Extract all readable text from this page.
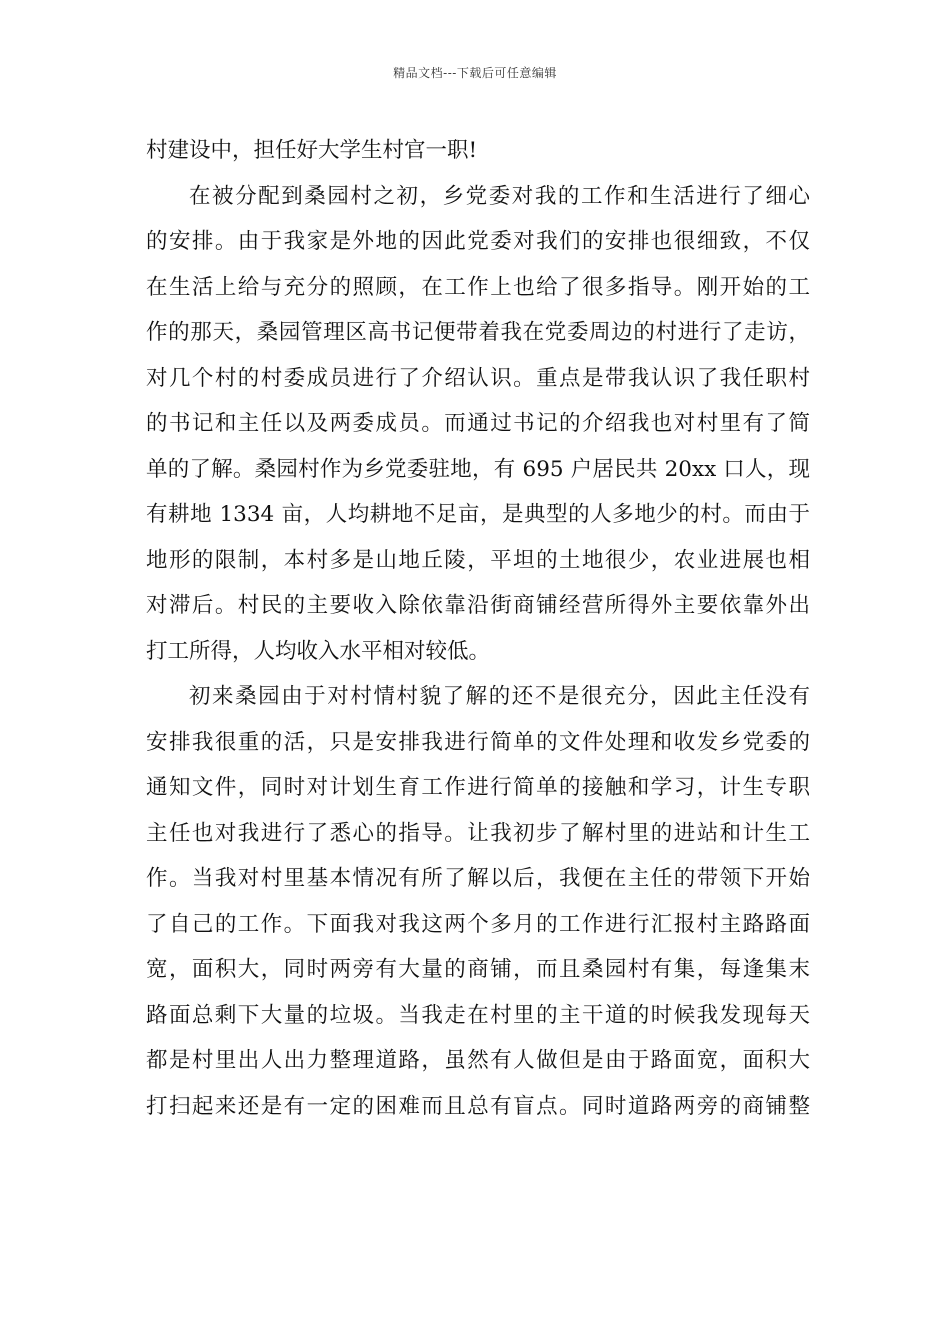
精品文档---下载后可任意编辑
村建设中，担任好大学生村官一职!
在被分配到桑园村之初，乡党委对我的工作和生活进行了细心
的安排。由于我家是外地的因此党委对我们的安排也很细致，不仅
在生活上给与充分的照顾，在工作上也给了很多指导。刚开始的工
作的那天，桑园管理区高书记便带着我在党委周边的村进行了走访，
对几个村的村委成员进行了介绍认识。重点是带我认识了我任职村
的书记和主任以及两委成员。而通过书记的介绍我也对村里有了简
单的了解。桑园村作为乡党委驻地，有 695 户居民共 20xx 口人，现
有耕地 1334 亩，人均耕地不足亩，是典型的人多地少的村。而由于
地形的限制，本村多是山地丘陵，平坦的土地很少，农业进展也相
对滞后。村民的主要收入除依靠沿街商铺经营所得外主要依靠外出
打工所得，人均收入水平相对较低。
初来桑园由于对村情村貌了解的还不是很充分，因此主任没有
安排我很重的活，只是安排我进行简单的文件处理和收发乡党委的
通知文件，同时对计划生育工作进行简单的接触和学习，计生专职
主任也对我进行了悉心的指导。让我初步了解村里的进站和计生工
作。当我对村里基本情况有所了解以后，我便在主任的带领下开始
了自己的工作。下面我对我这两个多月的工作进行汇报村主路路面
宽，面积大，同时两旁有大量的商铺，而且桑园村有集，每逢集末
路面总剩下大量的垃圾。当我走在村里的主干道的时候我发现每天
都是村里出人出力整理道路，虽然有人做但是由于路面宽，面积大
打扫起来还是有一定的困难而且总有盲点。同时道路两旁的商铺整
